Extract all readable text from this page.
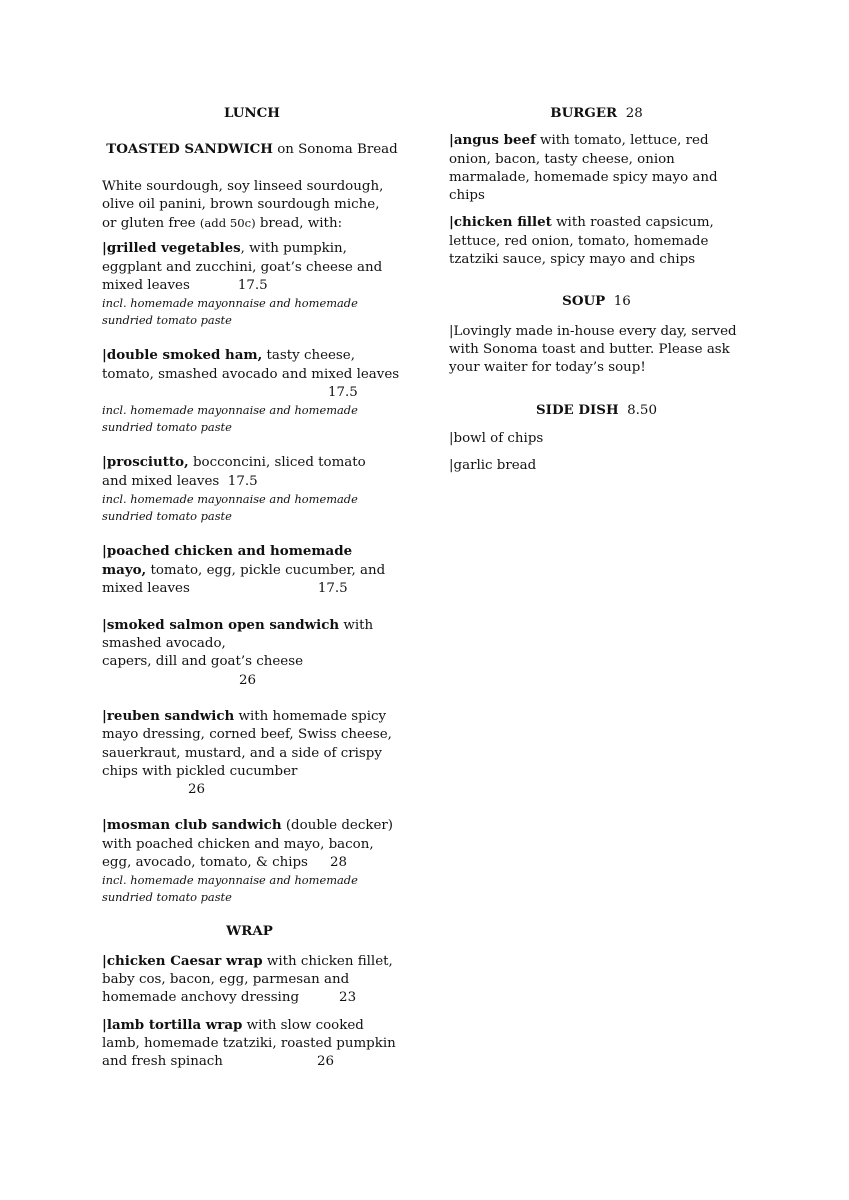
LUNCH

TOASTED SANDWICH on Sonoma Bread

White sourdough, soy linseed sourdough, olive oil panini, brown sourdough miche, or gluten free (add 50c) bread, with:

|grilled vegetables, with pumpkin, eggplant and zucchini, goat’s cheese and mixed leaves	17.5

incl. homemade mayonnaise and homemade sundried tomato paste

|double smoked ham, tasty cheese, tomato, smashed avocado and mixed leaves

17.5

incl. homemade mayonnaise and homemade sundried tomato paste

|prosciutto, bocconcini, sliced tomato and mixed leaves 17.5

incl. homemade mayonnaise and homemade sundried tomato paste

|poached chicken and homemade mayo, tomato, egg, pickle cucumber, and mixed leaves	17.5

|smoked salmon open sandwich with smashed avocado,

capers, dill and goat’s cheese

26

|reuben sandwich with homemade spicy mayo dressing, corned beef, Swiss cheese, sauerkraut, mustard, and a side of crispy chips with pickled cucumber

26

|mosman club sandwich (double decker) with poached chicken and mayo, bacon, egg, avocado, tomato, & chips 28

incl. homemade mayonnaise and homemade sundried tomato paste

WRAP

|chicken Caesar wrap with chicken fillet, baby cos, bacon, egg, parmesan and homemade anchovy dressing	23

|lamb tortilla wrap with slow cooked lamb, homemade tzatziki, roasted pumpkin and fresh spinach	26

BURGER 28

|angus beef with tomato, lettuce, red onion, bacon, tasty cheese, onion marmalade, homemade spicy mayo and chips

|chicken fillet with roasted capsicum, lettuce, red onion, tomato, homemade tzatziki sauce, spicy mayo and chips

SOUP 16

|Lovingly made in-house every day, served with Sonoma toast and butter. Please ask your waiter for today’s soup!

SIDE DISH 8.50

|bowl of chips

|garlic bread
